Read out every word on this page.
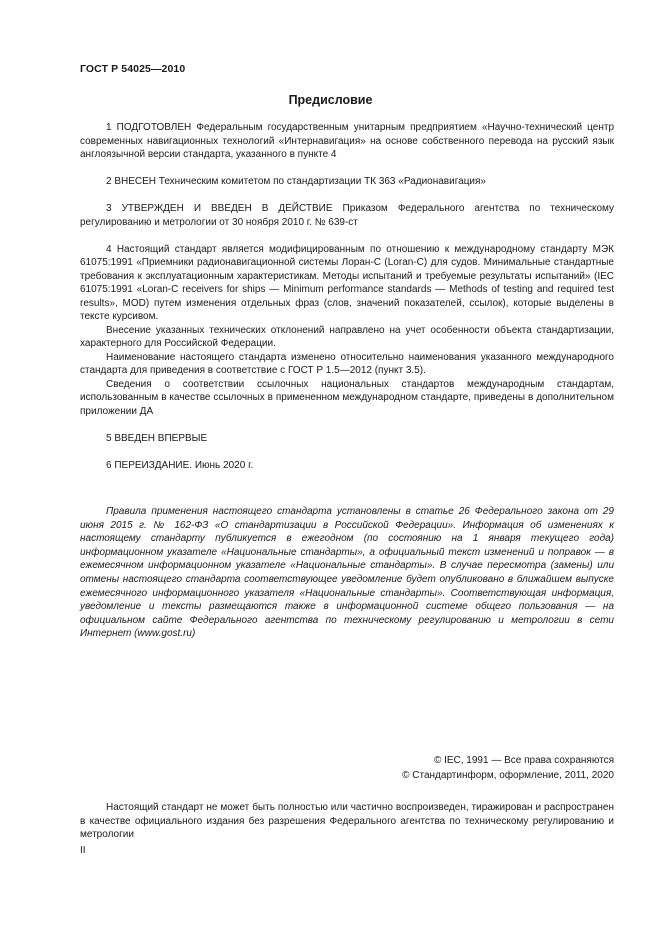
ГОСТ Р 54025—2010
Предисловие

1 ПОДГОТОВЛЕН Федеральным государственным унитарным предприятием «Научно-технический центр современных навигационных технологий «Интернавигация» на основе собственного перевода на русский язык англоязычной версии стандарта, указанного в пункте 4

2 ВНЕСЕН Техническим комитетом по стандартизации ТК 363 «Радионавигация»

3 УТВЕРЖДЕН И ВВЕДЕН В ДЕЙСТВИЕ Приказом Федерального агентства по техническому регулированию и метрологии от 30 ноября 2010 г. № 639-ст

4 Настоящий стандарт является модифицированным по отношению к международному стандарту МЭК 61075:1991 «Приемники радионавигационной системы Лоран-С (Loran-C) для судов. Минимальные стандартные требования к эксплуатационным характеристикам. Методы испытаний и требуемые результаты испытаний» (IEC 61075:1991 «Loran-C receivers for ships — Minimum performance standards — Methods of testing and required test results», MOD) путем изменения отдельных фраз (слов, значений показателей, ссылок), которые выделены в тексте курсивом.

Внесение указанных технических отклонений направлено на учет особенности объекта стандартизации, характерного для Российской Федерации.

Наименование настоящего стандарта изменено относительно наименования указанного международного стандарта для приведения в соответствие с ГОСТ Р 1.5—2012 (пункт 3.5).

Сведения о соответствии ссылочных национальных стандартов международным стандартам, использованным в качестве ссылочных в примененном международном стандарте, приведены в дополнительном приложении ДА

5 ВВЕДЕН ВПЕРВЫЕ

6 ПЕРЕИЗДАНИЕ. Июнь 2020 г.

Правила применения настоящего стандарта установлены в статье 26 Федерального закона от 29 июня 2015 г. № 162-ФЗ «О стандартизации в Российской Федерации». Информация об изменениях к настоящему стандарту публикуется в ежегодном (по состоянию на 1 января текущего года) информационном указателе «Национальные стандарты», а официальный текст изменений и поправок — в ежемесячном информационном указателе «Национальные стандарты». В случае пересмотра (замены) или отмены настоящего стандарта соответствующее уведомление будет опубликовано в ближайшем выпуске ежемесячного информационного указателя «Национальные стандарты». Соответствующая информация, уведомление и тексты размещаются также в информационной системе общего пользования — на официальном сайте Федерального агентства по техническому регулированию и метрологии в сети Интернет (www.gost.ru)

© IEC, 1991 — Все права сохраняются
© Стандартинформ, оформление, 2011, 2020

Настоящий стандарт не может быть полностью или частично воспроизведен, тиражирован и распространен в качестве официального издания без разрешения Федерального агентства по техническому регулированию и метрологии

II
